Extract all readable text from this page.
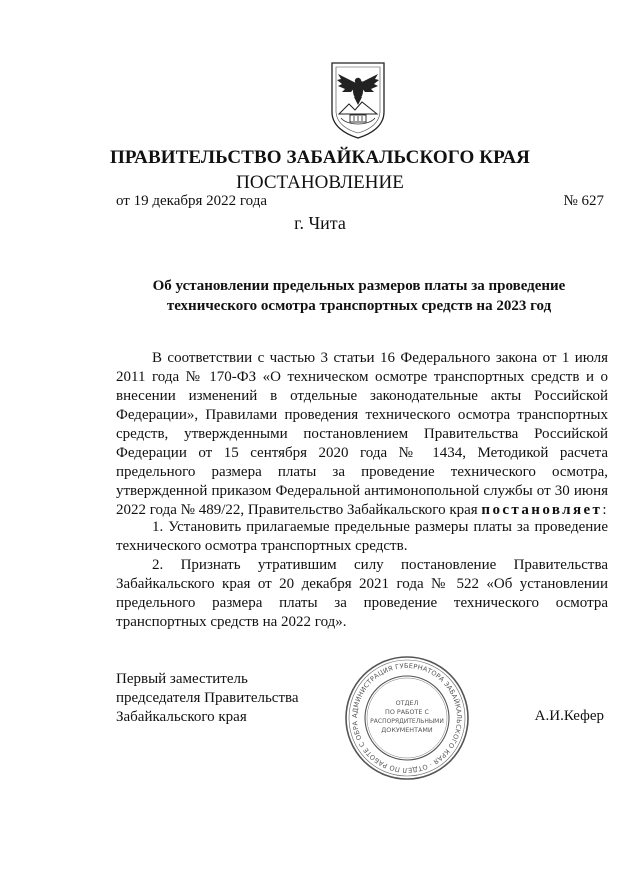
ПРАВИТЕЛЬСТВО ЗАБАЙКАЛЬСКОГО КРАЯ
ПОСТАНОВЛЕНИЕ
от 19 декабря 2022 года	№ 627
г. Чита
Об установлении предельных размеров платы за проведение
технического осмотра транспортных средств на 2023 год

В соответствии с частью 3 статьи 16 Федерального закона от 1 июля 2011 года № 170-ФЗ «О техническом осмотре транспортных средств и о внесении изменений в отдельные законодательные акты Российской Федерации», Правилами проведения технического осмотра транспортных средств, утвержденными постановлением Правительства Российской Федерации от 15 сентября 2020 года № 1434, Методикой расчета предельного размера платы за проведение технического осмотра, утвержденной приказом Федеральной антимонопольной службы от 30 июня 2022 года № 489/22, Правительство Забайкальского края постановляет:

1. Установить прилагаемые предельные размеры платы за проведение технического осмотра транспортных средств.

2. Признать утратившим силу постановление Правительства Забайкальского края от 20 декабря 2021 года № 522 «Об установлении предельного размера платы за проведение технического осмотра транспортных средств на 2022 год».

Первый заместитель
председателя Правительства
Забайкальского края	А.И.Кефер
АДМИНИСТРАЦИЯ ГУБЕРНАТОРА ЗАБАЙКАЛЬСКОГО КРАЯ · ОТДЕЛ ПО РАБОТЕ С ОБРА
ОТДЕЛ
ПО РАБОТЕ С
РАСПОРЯДИТЕЛЬНЫМИ
ДОКУМЕНТАМИ
